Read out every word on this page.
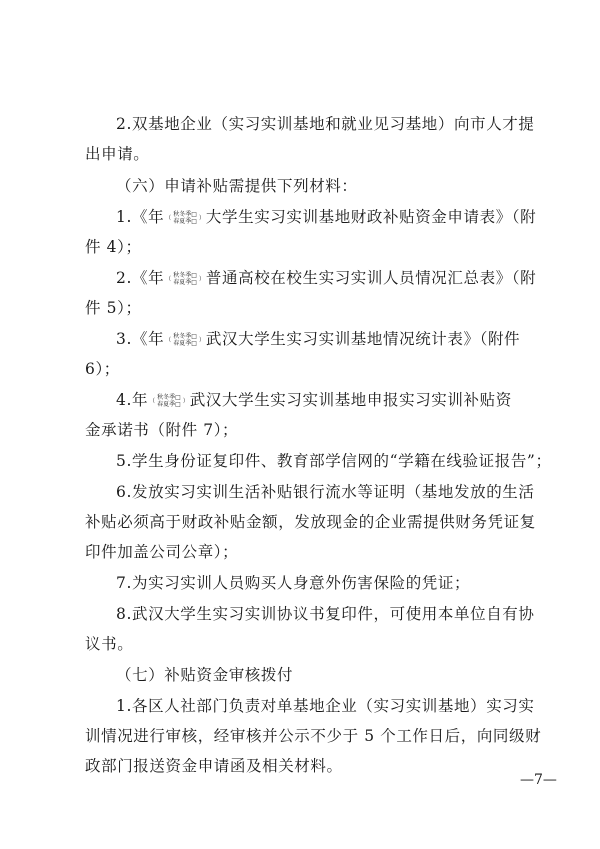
2.双基地企业（实习实训基地和就业见习基地）向市人才提
出申请。
（六）申请补贴需提供下列材料：
1.《年 （ 秋冬季□
春夏季□ ） 大学生实习实训基地财政补贴资金申请表》（附
件 4）；
2.《年 （ 秋冬季□
春夏季□ ） 普通高校在校生实习实训人员情况汇总表》（附
件 5）；
3.《年 （ 秋冬季□
春夏季□ ） 武汉大学生实习实训基地情况统计表》（附件
6）；
4.年 （ 秋冬季□
春夏季□ ） 武汉大学生实习实训基地申报实习实训补贴资
金承诺书（附件 7）；
5.学生身份证复印件、教育部学信网的“学籍在线验证报告”；
6.发放实习实训生活补贴银行流水等证明（基地发放的生活
补贴必须高于财政补贴金额，发放现金的企业需提供财务凭证复
印件加盖公司公章）；
7.为实习实训人员购买人身意外伤害保险的凭证；
8.武汉大学生实习实训协议书复印件，可使用本单位自有协
议书。
（七）补贴资金审核拨付
1.各区人社部门负责对单基地企业（实习实训基地）实习实
训情况进行审核，经审核并公示不少于 5 个工作日后，向同级财
政部门报送资金申请函及相关材料。
—7—
